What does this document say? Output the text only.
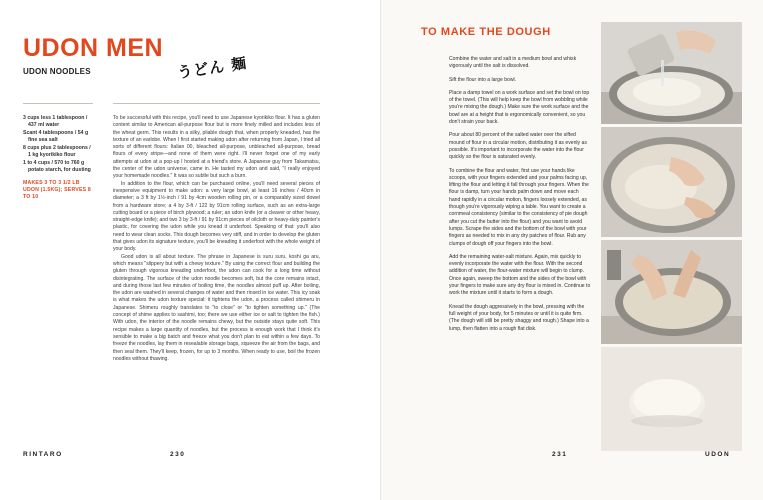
UDON MEN
UDON NOODLES	うどん 麺
3 cups less 1 tablespoon / 437 ml water
Scant 4 tablespoons / 54 g fine sea salt
8 cups plus 2 tablespoons / 1 kg kyorikiko flour
1 to 4 cups / 570 to 760 g potato starch, for dusting
MAKES 3 TO 3 1/2 LB UDON (1.5KG); SERVES 8 TO 10

To be successful with this recipe, you'll need to use Japanese kyorikiko flour. It has a gluten content similar to American all-purpose flour but is more finely milled and includes less of the wheat germ. This results in a silky, pliable dough that, when properly kneaded, has the texture of an earlobe. When I first started making udon after returning from Japan, I tried all sorts of different flours: Italian 00, bleached all-purpose, unbleached all-purpose, bread flours of every stripe—and none of them were right. I'll never forget one of my early attempts at udon at a pop-up I hosted at a friend's store. A Japanese guy from Takamatsu, the center of the udon universe, came in. He tasted my udon and said, "I really enjoyed your homemade noodles." It was so subtle but such a burn.

In addition to the flour, which can be purchased online, you'll need several pieces of inexpensive equipment to make udon: a very large bowl, at least 16 inches / 40cm in diameter; a 3 ft by 1½-inch / 91 by 4cm wooden rolling pin, or a comparably sized dowel from a hardware store; a 4 by 3-ft / 122 by 91cm rolling surface, such as an extra-large cutting board or a piece of birch plywood; a ruler; an udon knife (or a cleaver or other heavy, straight-edge knife); and two 3 by 3-ft / 91 by 91cm pieces of oilcloth or heavy-duty painter's plastic, for covering the udon while you knead it underfoot. Speaking of that: you'll also need to wear clean socks. This dough becomes very stiff, and in order to develop the gluten that gives udon its signature texture, you'll be kneading it underfoot with the whole weight of your body.

Good udon is all about texture. The phrase in Japanese is suru suru, koshi ga aru, which means "slippery but with a chewy texture." By using the correct flour and building the gluten through vigorous kneading underfoot, the udon can cook for a long time without disintegrating. The surface of the udon noodle becomes soft, but the core remains intact, and during those last few minutes of boiling time, the noodles almost puff up. After boiling, the udon are washed in several changes of water and then rinsed in ice water. This icy soak is what makes the udon texture special: it tightens the udon, a process called shimeru in Japanese. Shimeru roughly translates to "to close" or "to tighten something up." (The concept of shime applies to sashimi, too; there we use either ice or salt to tighten the fish.) With udon, the interior of the noodle remains chewy, but the outside stays quite soft. This recipe makes a large quantity of noodles, but the process is enough work that I think it's sensible to make a big batch and freeze what you don't plan to eat within a few days. To freeze the noodles, lay them in resealable storage bags, squeeze the air from the bags, and then seal them. They'll keep, frozen, for up to 3 months. When ready to use, boil the frozen noodles without thawing.

RINTARO	230
TO MAKE THE DOUGH

Combine the water and salt in a medium bowl and whisk vigorously until the salt is dissolved.

Sift the flour into a large bowl.

Place a damp towel on a work surface and set the bowl on top of the towel. (This will help keep the bowl from wobbling while you're mixing the dough.) Make sure the work surface and the bowl are at a height that is ergonomically convenient, so you don't strain your back.

Pour about 80 percent of the salted water over the sifted mound of flour in a circular motion, distributing it as evenly as possible. It's important to incorporate the water into the flour quickly so the flour is saturated evenly.

To combine the flour and water, first use your hands like scoops, with your fingers extended and your palms facing up, lifting the flour and letting it fall through your fingers. When the flour is damp, turn your hands palm down and move each hand rapidly in a circular motion, fingers loosely extended, as though you're vigorously wiping a table. You want to create a cornmeal consistency (similar to the consistency of pie dough after you cut the butter into the flour) and you want to avoid lumps. Scrape the sides and the bottom of the bowl with your fingers as needed to mix in any dry patches of flour. Rub any clumps of dough off your fingers into the bowl.

Add the remaining water-salt mixture. Again, mix quickly to evenly incorporate the water with the flour. With the second addition of water, the flour-water mixture will begin to clump. Once again, sweep the bottom and the sides of the bowl with your fingers to make sure any dry flour is mixed in. Continue to work the mixture until it starts to form a dough.

Knead the dough aggressively in the bowl, pressing with the full weight of your body, for 5 minutes or until it is quite firm. (The dough will still be pretty shaggy and rough.) Shape into a lump, then flatten into a rough flat disk.

231	UDON
